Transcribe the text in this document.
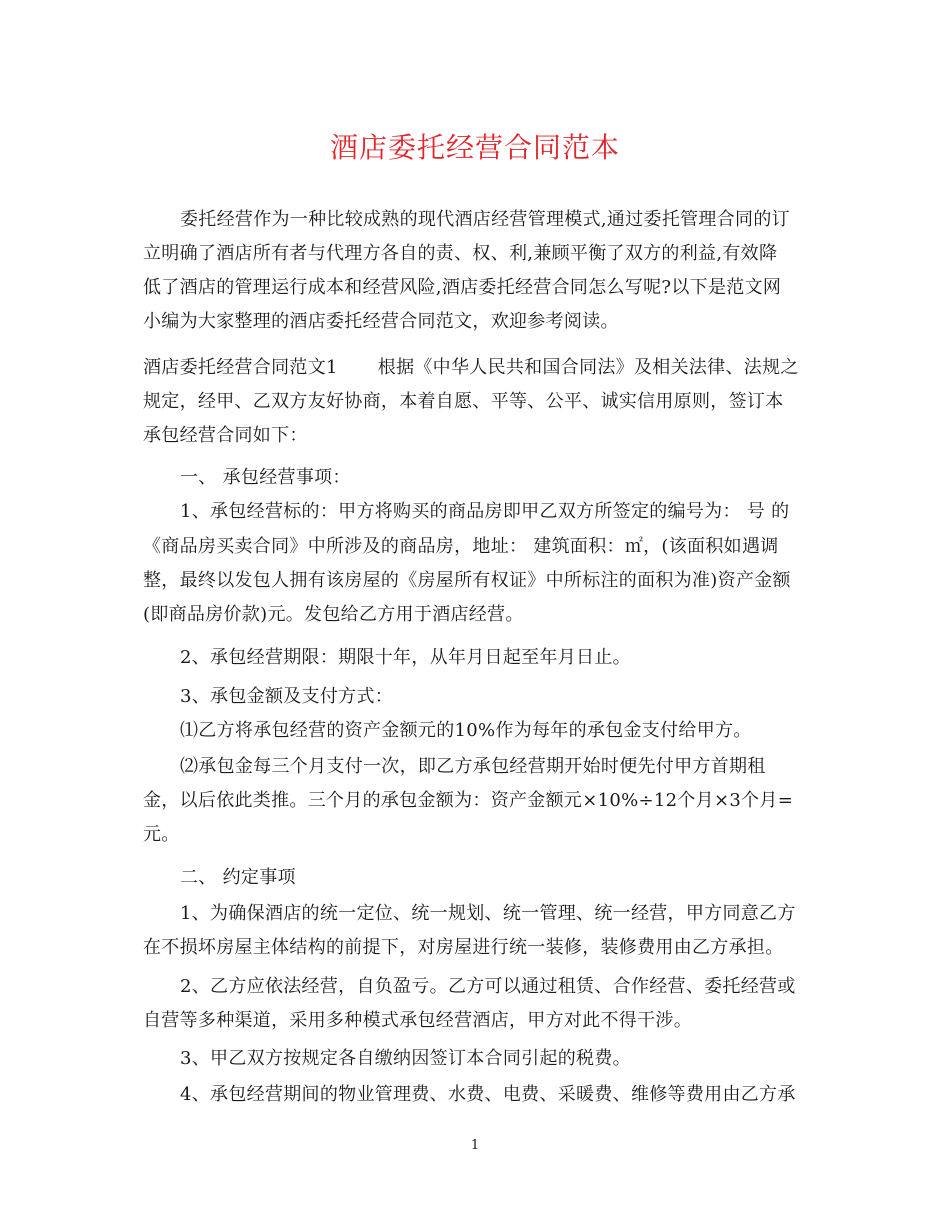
酒店委托经营合同范本
委托经营作为一种比较成熟的现代酒店经营管理模式,通过委托管理合同的订
立明确了酒店所有者与代理方各自的责、权、利,兼顾平衡了双方的利益,有效降
低了酒店的管理运行成本和经营风险,酒店委托经营合同怎么写呢?以下是范文网
小编为大家整理的酒店委托经营合同范文，欢迎参考阅读。
酒店委托经营合同范文1 根据《中华人民共和国合同法》及相关法律、法规之
规定，经甲、乙双方友好协商，本着自愿、平等、公平、诚实信用原则，签订本
承包经营合同如下：
一、 承包经营事项：
1、承包经营标的：甲方将购买的商品房即甲乙双方所签定的编号为： 号 的
《商品房买卖合同》中所涉及的商品房，地址： 建筑面积：㎡，(该面积如遇调
整，最终以发包人拥有该房屋的《房屋所有权证》中所标注的面积为准)资产金额
(即商品房价款)元。发包给乙方用于酒店经营。
2、承包经营期限：期限十年，从年月日起至年月日止。
3、承包金额及支付方式：
⑴乙方将承包经营的资产金额元的10%作为每年的承包金支付给甲方。
⑵承包金每三个月支付一次，即乙方承包经营期开始时便先付甲方首期租
金，以后依此类推。三个月的承包金额为：资产金额元×10%÷12个月×3个月=
元。
二、 约定事项
1、为确保酒店的统一定位、统一规划、统一管理、统一经营，甲方同意乙方
在不损坏房屋主体结构的前提下，对房屋进行统一装修，装修费用由乙方承担。
2、乙方应依法经营，自负盈亏。乙方可以通过租赁、合作经营、委托经营或
自营等多种渠道，采用多种模式承包经营酒店，甲方对此不得干涉。
3、甲乙双方按规定各自缴纳因签订本合同引起的税费。
4、承包经营期间的物业管理费、水费、电费、采暖费、维修等费用由乙方承
1
